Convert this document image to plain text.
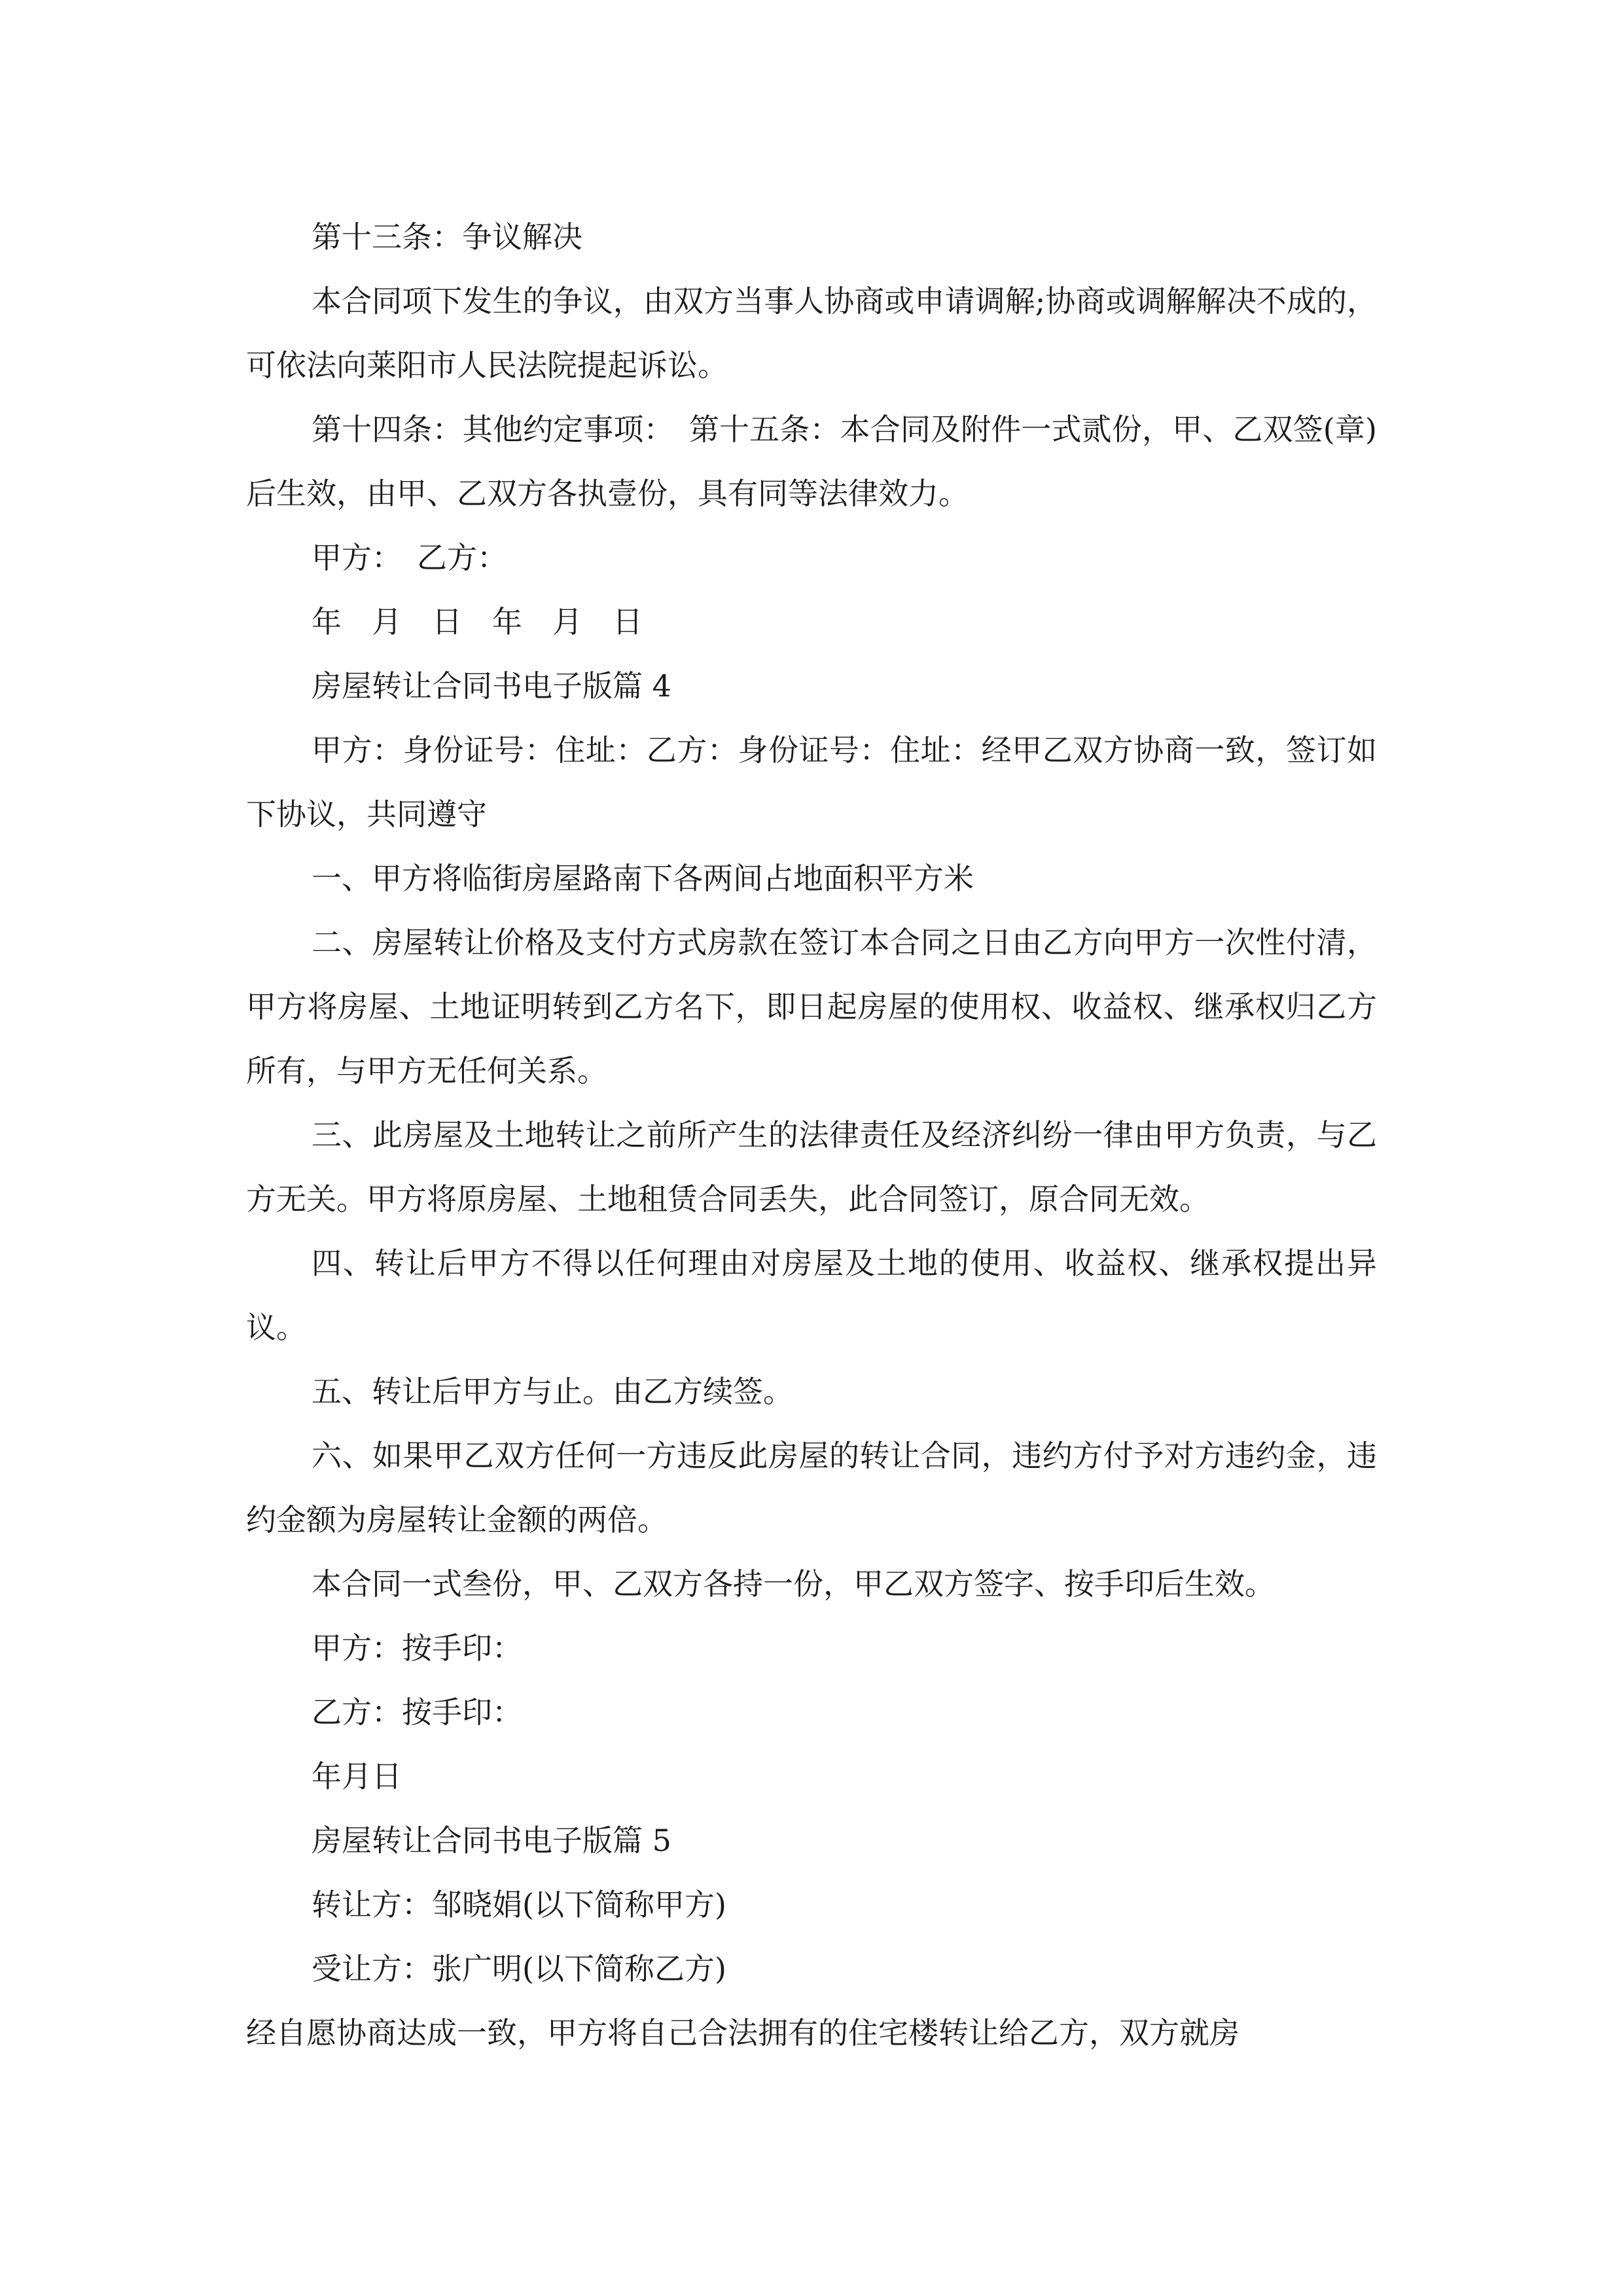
第十三条：争议解决

本合同项下发生的争议，由双方当事人协商或申请调解;协商或调解解决不成的，可依法向莱阳市人民法院提起诉讼。

第十四条：其他约定事项：　第十五条：本合同及附件一式贰份，甲、乙双签(章)后生效，由甲、乙双方各执壹份，具有同等法律效力。

甲方：　乙方：

年　月　日　年　月　日

房屋转让合同书电子版篇 4

甲方：身份证号：住址：乙方：身份证号：住址：经甲乙双方协商一致，签订如下协议，共同遵守

一、甲方将临街房屋路南下各两间占地面积平方米

二、房屋转让价格及支付方式房款在签订本合同之日由乙方向甲方一次性付清，甲方将房屋、土地证明转到乙方名下，即日起房屋的使用权、收益权、继承权归乙方所有，与甲方无任何关系。

三、此房屋及土地转让之前所产生的法律责任及经济纠纷一律由甲方负责，与乙方无关。甲方将原房屋、土地租赁合同丢失，此合同签订，原合同无效。

四、转让后甲方不得以任何理由对房屋及土地的使用、收益权、继承权提出异议。

五、转让后甲方与止。由乙方续签。

六、如果甲乙双方任何一方违反此房屋的转让合同，违约方付予对方违约金，违约金额为房屋转让金额的两倍。

本合同一式叁份，甲、乙双方各持一份，甲乙双方签字、按手印后生效。

甲方：按手印：

乙方：按手印：

年月日

房屋转让合同书电子版篇 5

转让方：邹晓娟(以下简称甲方)

受让方：张广明(以下简称乙方)

经自愿协商达成一致，甲方将自己合法拥有的住宅楼转让给乙方，双方就房
